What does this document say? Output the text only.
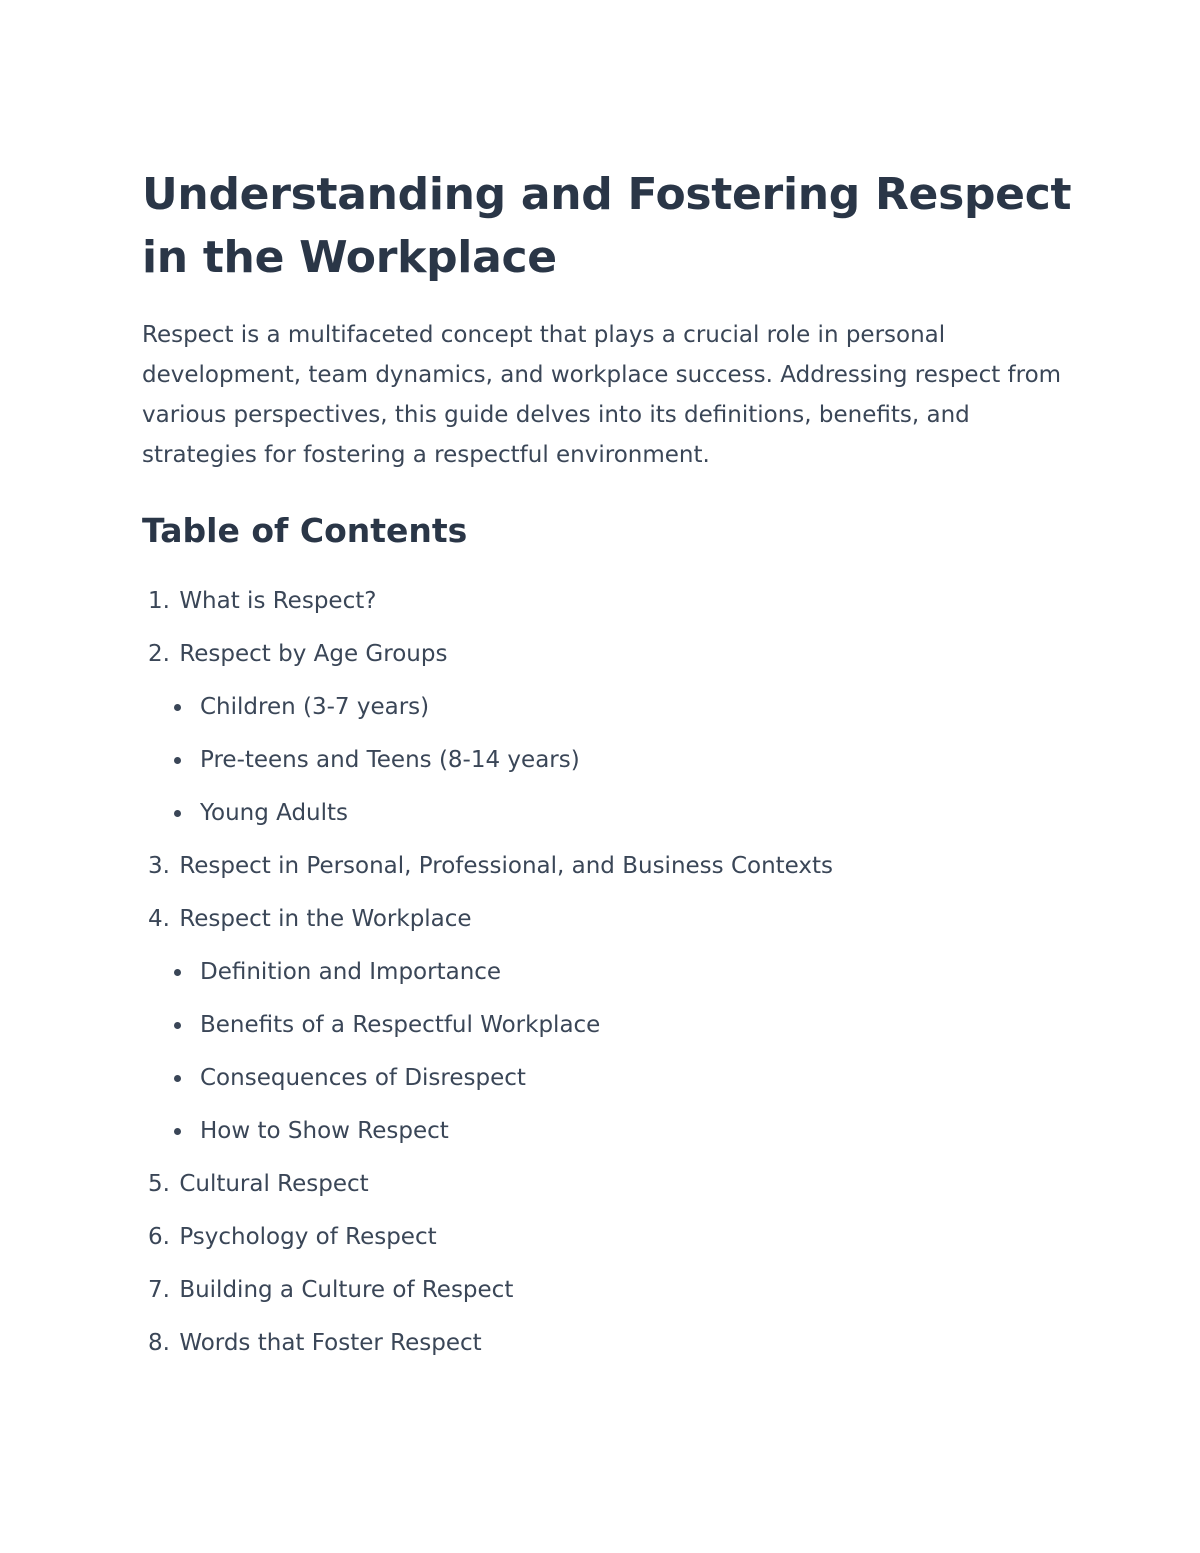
Understanding and Fostering Respect in the Workplace

Respect is a multifaceted concept that plays a crucial role in personal development, team dynamics, and workplace success. Addressing respect from various perspectives, this guide delves into its definitions, benefits, and strategies for fostering a respectful environment.

Table of Contents
1. What is Respect?
2. Respect by Age Groups
Children (3-7 years)
Pre-teens and Teens (8-14 years)
Young Adults
3. Respect in Personal, Professional, and Business Contexts
4. Respect in the Workplace
Definition and Importance
Benefits of a Respectful Workplace
Consequences of Disrespect
How to Show Respect
5. Cultural Respect
6. Psychology of Respect
7. Building a Culture of Respect
8. Words that Foster Respect
